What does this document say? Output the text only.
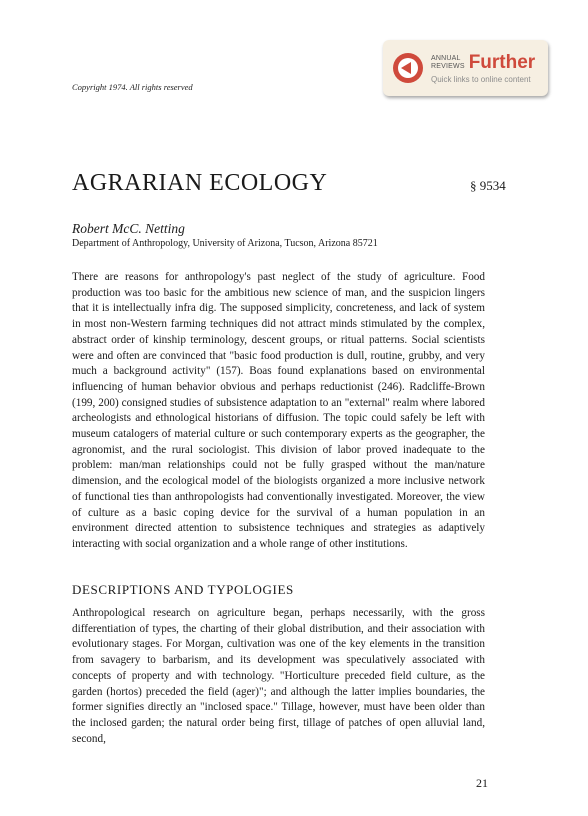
Copyright 1974. All rights reserved
ANNUAL
REVIEWS Further
Quick links to online content
AGRARIAN ECOLOGY	§ 9534
Robert McC. Netting
Department of Anthropology, University of Arizona, Tucson, Arizona 85721

There are reasons for anthropology's past neglect of the study of agriculture. Food production was too basic for the ambitious new science of man, and the suspicion lingers that it is intellectually infra dig. The supposed simplicity, concreteness, and lack of system in most non-Western farming techniques did not attract minds stimulated by the complex, abstract order of kinship terminology, descent groups, or ritual patterns. Social scientists were and often are convinced that "basic food production is dull, routine, grubby, and very much a background activity" (157). Boas found explanations based on environmental influencing of human behavior obvious and perhaps reductionist (246). Radcliffe-Brown (199, 200) consigned studies of subsistence adaptation to an "external" realm where labored archeologists and ethnological historians of diffusion. The topic could safely be left with museum catalogers of material culture or such contemporary experts as the geographer, the agronomist, and the rural sociologist. This division of labor proved inadequate to the problem: man/man relationships could not be fully grasped without the man/nature dimension, and the ecological model of the biologists organized a more inclusive network of functional ties than anthropologists had conventionally investigated. Moreover, the view of culture as a basic coping device for the survival of a human population in an environment directed attention to subsistence techniques and strategies as adaptively interacting with social organization and a whole range of other institutions.

DESCRIPTIONS AND TYPOLOGIES

Anthropological research on agriculture began, perhaps necessarily, with the gross differentiation of types, the charting of their global distribution, and their association with evolutionary stages. For Morgan, cultivation was one of the key elements in the transition from savagery to barbarism, and its development was speculatively associated with concepts of property and with technology. "Horticulture preceded field culture, as the garden (hortos) preceded the field (ager)"; and although the latter implies boundaries, the former signifies directly an "inclosed space." Tillage, however, must have been older than the inclosed garden; the natural order being first, tillage of patches of open alluvial land, second,

21
